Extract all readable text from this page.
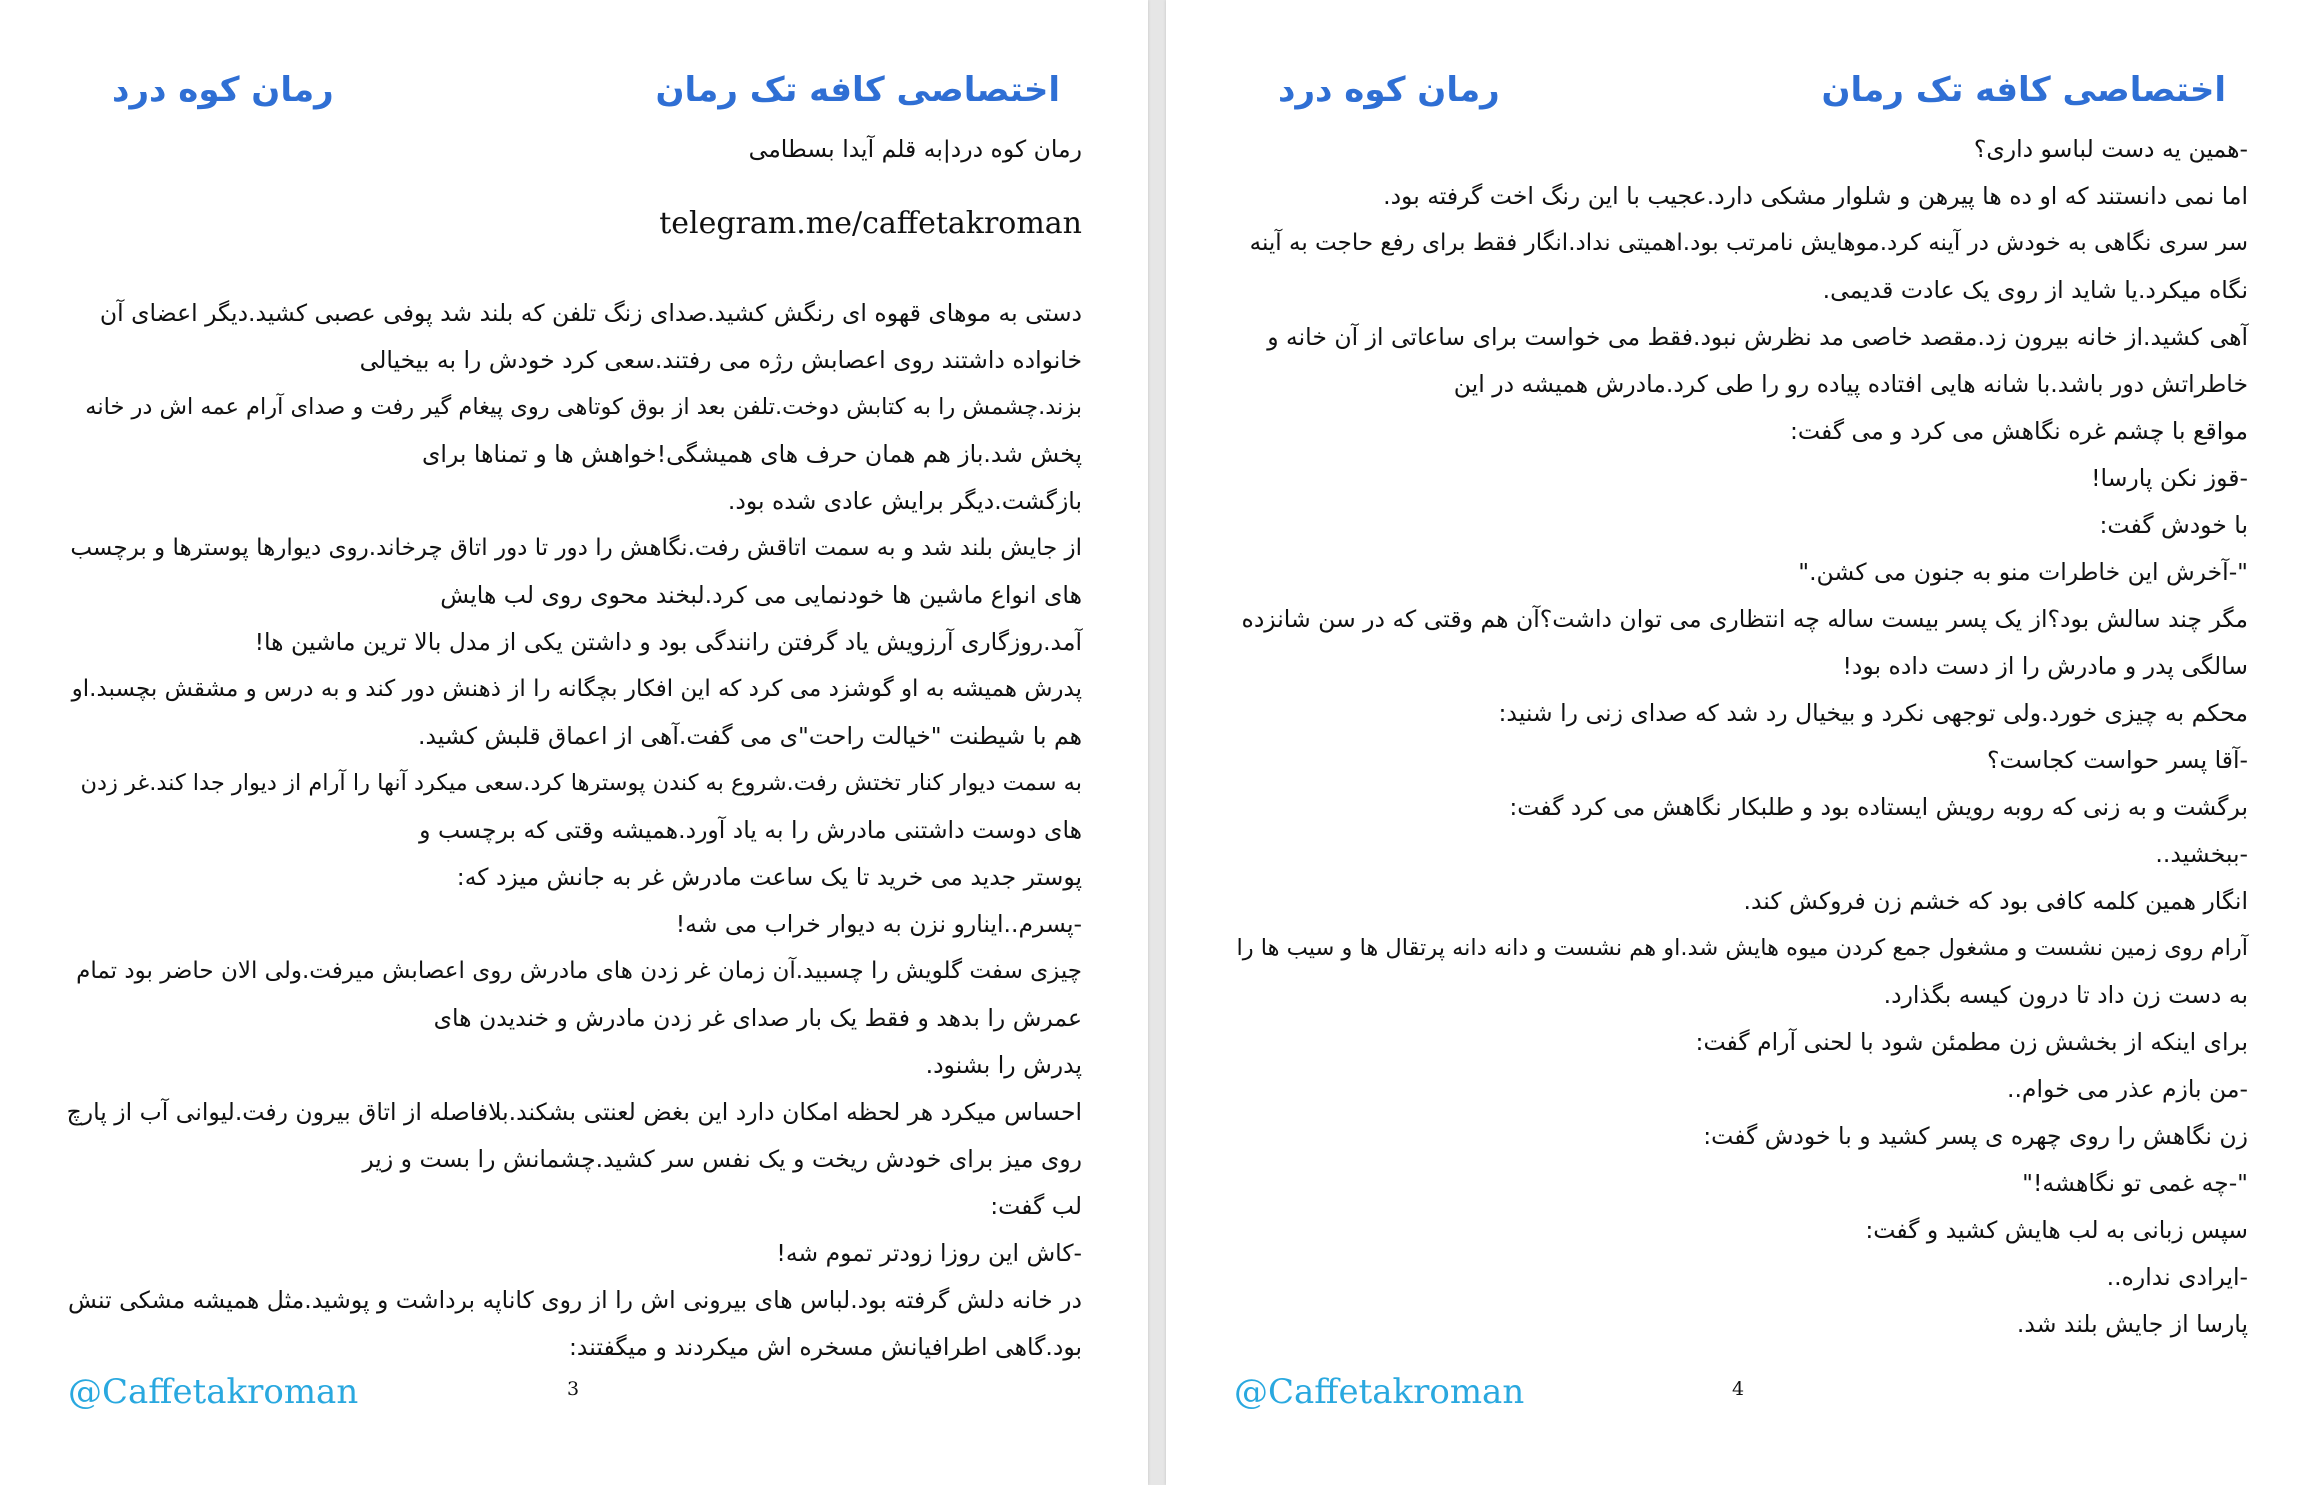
اختصاصی کافه تک رمان
رمان کوه درد
رمان کوه درد|به قلم آیدا بسطامی
telegram.me/caffetakroman

دستی به موهای قهوه ای رنگش کشید.صدای زنگ تلفن که بلند شد پوفی عصبی کشید.دیگر اعضای آن

خانواده داشتند روی اعصابش رژه می رفتند.سعی کرد خودش را به بیخیالی

بزند.چشمش را به کتابش دوخت.تلفن بعد از بوق کوتاهی روی پیغام گیر رفت و صدای آرام عمه اش در خانه

پخش شد.باز هم همان حرف های همیشگی!خواهش ها و تمناها برای

بازگشت.دیگر برایش عادی شده بود.

از جایش بلند شد و به سمت اتاقش رفت.نگاهش را دور تا دور اتاق چرخاند.روی دیوارها پوسترها و برچسب

های انواع ماشین ها خودنمایی می کرد.لبخند محوی روی لب هایش

آمد.روزگاری آرزویش یاد گرفتن رانندگی بود و داشتن یکی از مدل بالا ترین ماشین ها!

پدرش همیشه به او گوشزد می کرد که این افکار بچگانه را از ذهنش دور کند و به درس و مشقش بچسبد.او

هم با شیطنت "خیالت راحت"ی می گفت.آهی از اعماق قلبش کشید.

به سمت دیوار کنار تختش رفت.شروع به کندن پوسترها کرد.سعی میکرد آنها را آرام از دیوار جدا کند.غر زدن

های دوست داشتنی مادرش را به یاد آورد.همیشه وقتی که برچسب و

پوستر جدید می خرید تا یک ساعت مادرش غر به جانش میزد که:

-پسرم..اینارو نزن به دیوار خراب می شه!

چیزی سفت گلویش را چسبید.آن زمان غر زدن های مادرش روی اعصابش میرفت.ولی الان حاضر بود تمام

عمرش را بدهد و فقط یک بار صدای غر زدن مادرش و خندیدن های

پدرش را بشنود.

احساس میکرد هر لحظه امکان دارد این بغض لعنتی بشکند.بلافاصله از اتاق بیرون رفت.لیوانی آب از پارچ

روی میز برای خودش ریخت و یک نفس سر کشید.چشمانش را بست و زیر

لب گفت:

-کاش این روزا زودتر تموم شه!

در خانه دلش گرفته بود.لباس های بیرونی اش را از روی کاناپه برداشت و پوشید.مثل همیشه مشکی تنش

بود.گاهی اطرافیانش مسخره اش میکردند و میگفتند:

@Caffetakroman	3
اختصاصی کافه تک رمان
رمان کوه درد

-همین یه دست لباسو داری؟

اما نمی دانستند که او ده ها پیرهن و شلوار مشکی دارد.عجیب با این رنگ اخت گرفته بود.

سر سری نگاهی به خودش در آینه کرد.موهایش نامرتب بود.اهمیتی نداد.انگار فقط برای رفع حاجت به آینه

نگاه میکرد.یا شاید از روی یک عادت قدیمی.

آهی کشید.از خانه بیرون زد.مقصد خاصی مد نظرش نبود.فقط می خواست برای ساعاتی از آن خانه و

خاطراتش دور باشد.با شانه هایی افتاده پیاده رو را طی کرد.مادرش همیشه در این

مواقع با چشم غره نگاهش می کرد و می گفت:

-قوز نکن پارسا!

با خودش گفت:

"-آخرش این خاطرات منو به جنون می کشن."

مگر چند سالش بود؟از یک پسر بیست ساله چه انتظاری می توان داشت؟آن هم وقتی که در سن شانزده

سالگی پدر و مادرش را از دست داده بود!

محکم به چیزی خورد.ولی توجهی نکرد و بیخیال رد شد که صدای زنی را شنید:

-آقا پسر حواست کجاست؟

برگشت و به زنی که روبه رویش ایستاده بود و طلبکار نگاهش می کرد گفت:

-ببخشید..

انگار همین کلمه کافی بود که خشم زن فروکش کند.

آرام روی زمین نشست و مشغول جمع کردن میوه هایش شد.او هم نشست و دانه دانه پرتقال ها و سیب ها را

به دست زن داد تا درون کیسه بگذارد.

برای اینکه از بخشش زن مطمئن شود با لحنی آرام گفت:

-من بازم عذر می خوام..

زن نگاهش را روی چهره ی پسر کشید و با خودش گفت:

"-چه غمی تو نگاهشه!"

سپس زبانی به لب هایش کشید و گفت:

-ایرادی نداره..

پارسا از جایش بلند شد.

@Caffetakroman	4
